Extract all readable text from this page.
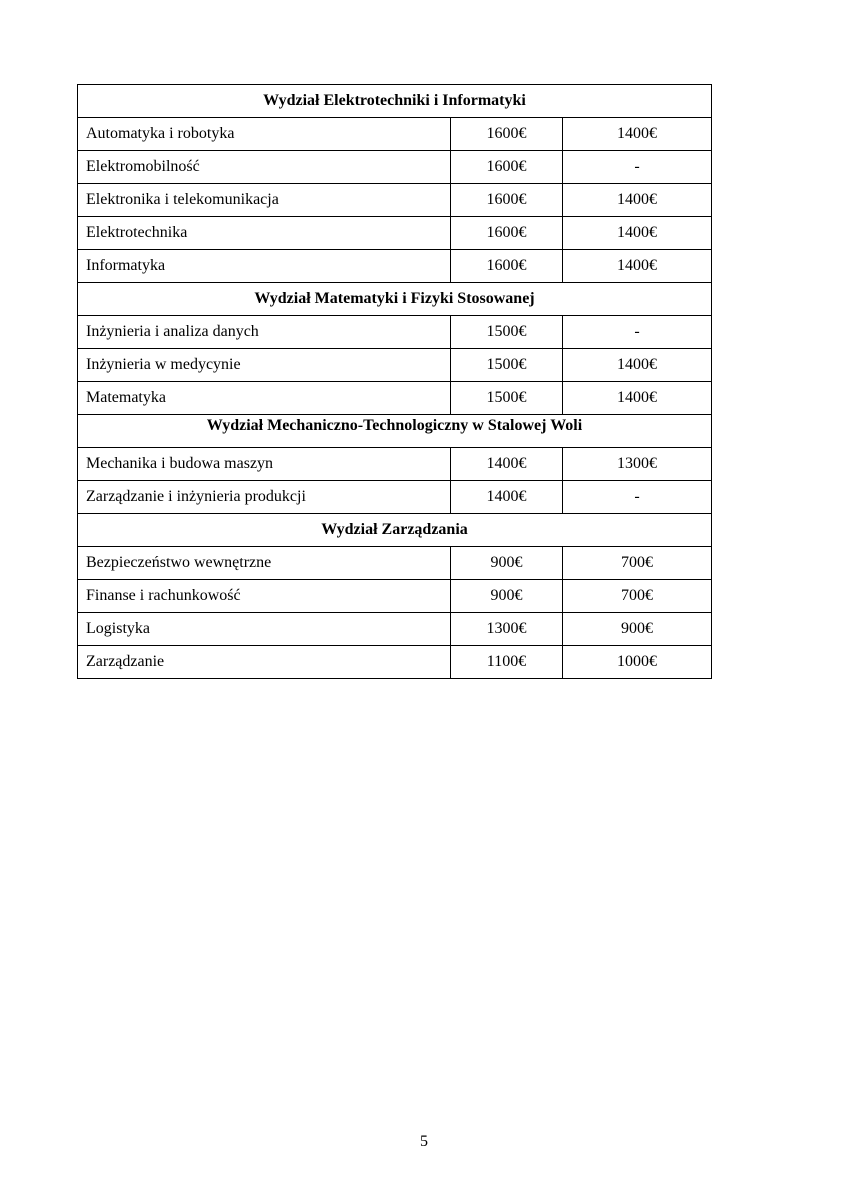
Wydział Elektrotechniki i Informatyki		
Automatyka i robotyka	1600€	1400€
Elektromobilność	1600€	-
Elektronika i telekomunikacja	1600€	1400€
Elektrotechnika	1600€	1400€
Informatyka	1600€	1400€
Wydział Matematyki i Fizyki Stosowanej		
Inżynieria i analiza danych	1500€	-
Inżynieria w medycynie	1500€	1400€
Matematyka	1500€	1400€
Wydział Mechaniczno-Technologiczny w Stalowej Woli		
Mechanika i budowa maszyn	1400€	1300€
Zarządzanie i inżynieria produkcji	1400€	-
Wydział Zarządzania		
Bezpieczeństwo wewnętrzne	900€	700€
Finanse i rachunkowość	900€	700€
Logistyka	1300€	900€
Zarządzanie	1100€	1000€
5
